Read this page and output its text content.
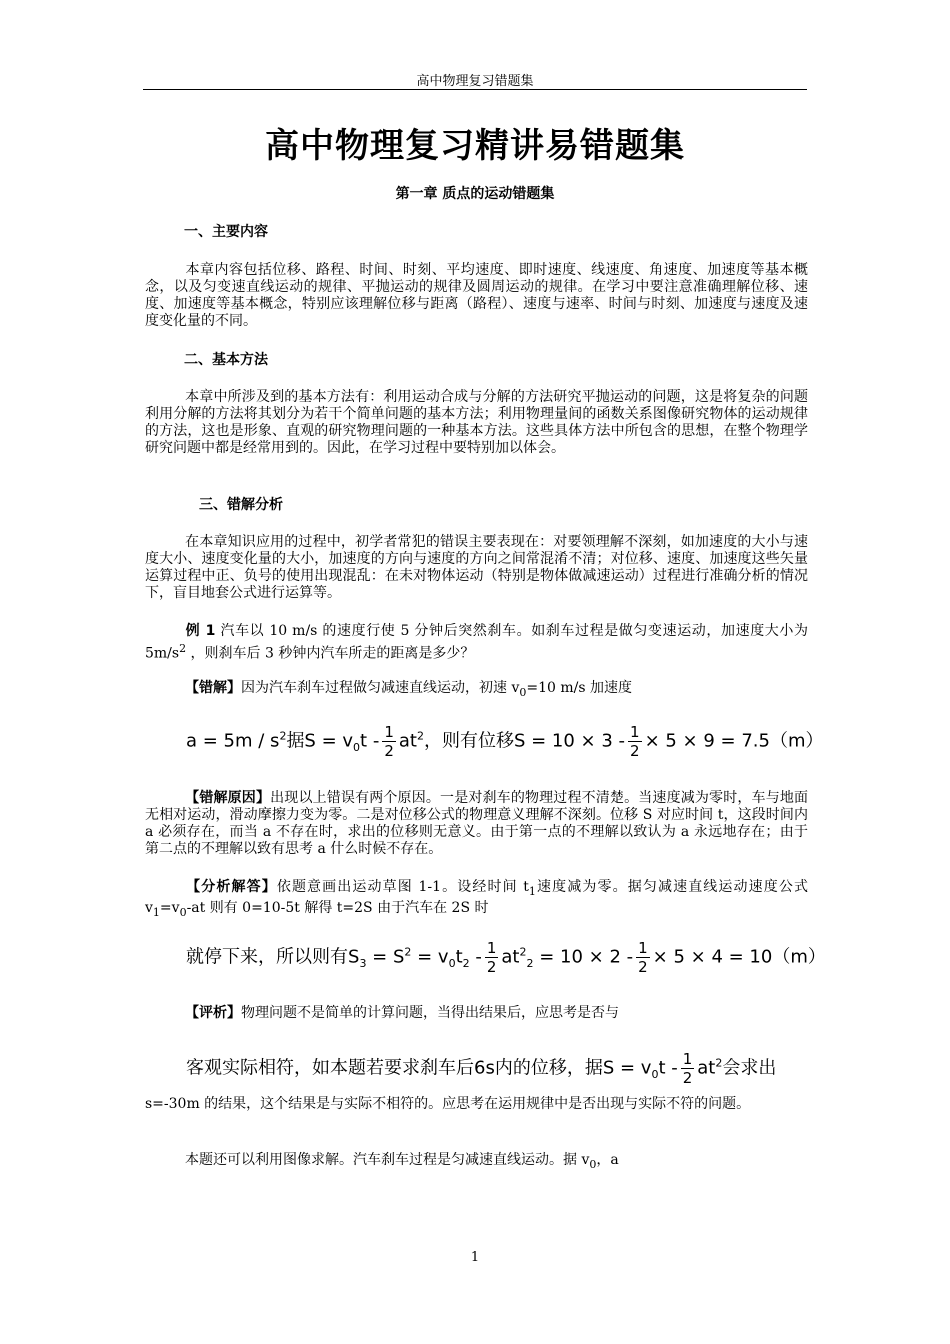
高中物理复习错题集
高中物理复习精讲易错题集
第一章 质点的运动错题集
一、主要内容
本章内容包括位移、路程、时间、时刻、平均速度、即时速度、线速度、角速度、加速度等基本概念，以及匀变速直线运动的规律、平抛运动的规律及圆周运动的规律。在学习中要注意准确理解位移、速度、加速度等基本概念，特别应该理解位移与距离（路程）、速度与速率、时间与时刻、加速度与速度及速度变化量的不同。
二、基本方法
本章中所涉及到的基本方法有：利用运动合成与分解的方法研究平抛运动的问题，这是将复杂的问题利用分解的方法将其划分为若干个简单问题的基本方法；利用物理量间的函数关系图像研究物体的运动规律的方法，这也是形象、直观的研究物理问题的一种基本方法。这些具体方法中所包含的思想，在整个物理学研究问题中都是经常用到的。因此，在学习过程中要特别加以体会。
三、错解分析
在本章知识应用的过程中，初学者常犯的错误主要表现在：对要领理解不深刻，如加速度的大小与速度大小、速度变化量的大小，加速度的方向与速度的方向之间常混淆不清；对位移、速度、加速度这些矢量运算过程中正、负号的使用出现混乱：在未对物体运动（特别是物体做减速运动）过程进行准确分析的情况下，盲目地套公式进行运算等。
例 1 汽车以 10 m/s 的速度行使 5 分钟后突然刹车。如刹车过程是做匀变速运动，加速度大小为 $5m/s^2$ ，则刹车后 3 秒钟内汽车所走的距离是多少？
【错解】因为汽车刹车过程做匀减速直线运动，初速 $v_0=10$ m/s 加速度
$a = 5m / s^2$据$S = v_0t - \frac{1}{2} at^2$，则有位移$S = 10 \times 3 - \frac{1}{2} \times 5 \times 9 = 7.5(m)$
【错解原因】出现以上错误有两个原因。一是对刹车的物理过程不清楚。当速度减为零时，车与地面无相对运动，滑动摩擦力变为零。二是对位移公式的物理意义理解不深刻。位移 S 对应时间 t，这段时间内 a 必须存在，而当 a 不存在时，求出的位移则无意义。由于第一点的不理解以致认为 a 永远地存在；由于第二点的不理解以致有思考 a 什么时候不存在。
【分析解答】依题意画出运动草图 1-1。设经时间 $t_1$速度减为零。据匀减速直线运动速度公式 $v_1=v_0-at$ 则有 0=10-5t 解得 t=2S 由于汽车在 2S 时
就停下来，所以则有$S_3 = S^2 = v_0t_2 - \frac{1}{2} at^2_2 = 10 \times 2 - \frac{1}{2} \times 5 \times 4 = 10(m)$
【评析】物理问题不是简单的计算问题，当得出结果后，应思考是否与
客观实际相符，如本题若要求刹车后6s内的位移，据$S = v_0t - \frac{1}{2} at^2$会求出
s=-30m 的结果，这个结果是与实际不相符的。应思考在运用规律中是否出现与实际不符的问题。
本题还可以利用图像求解。汽车刹车过程是匀减速直线运动。据 $v_0$，a
1
